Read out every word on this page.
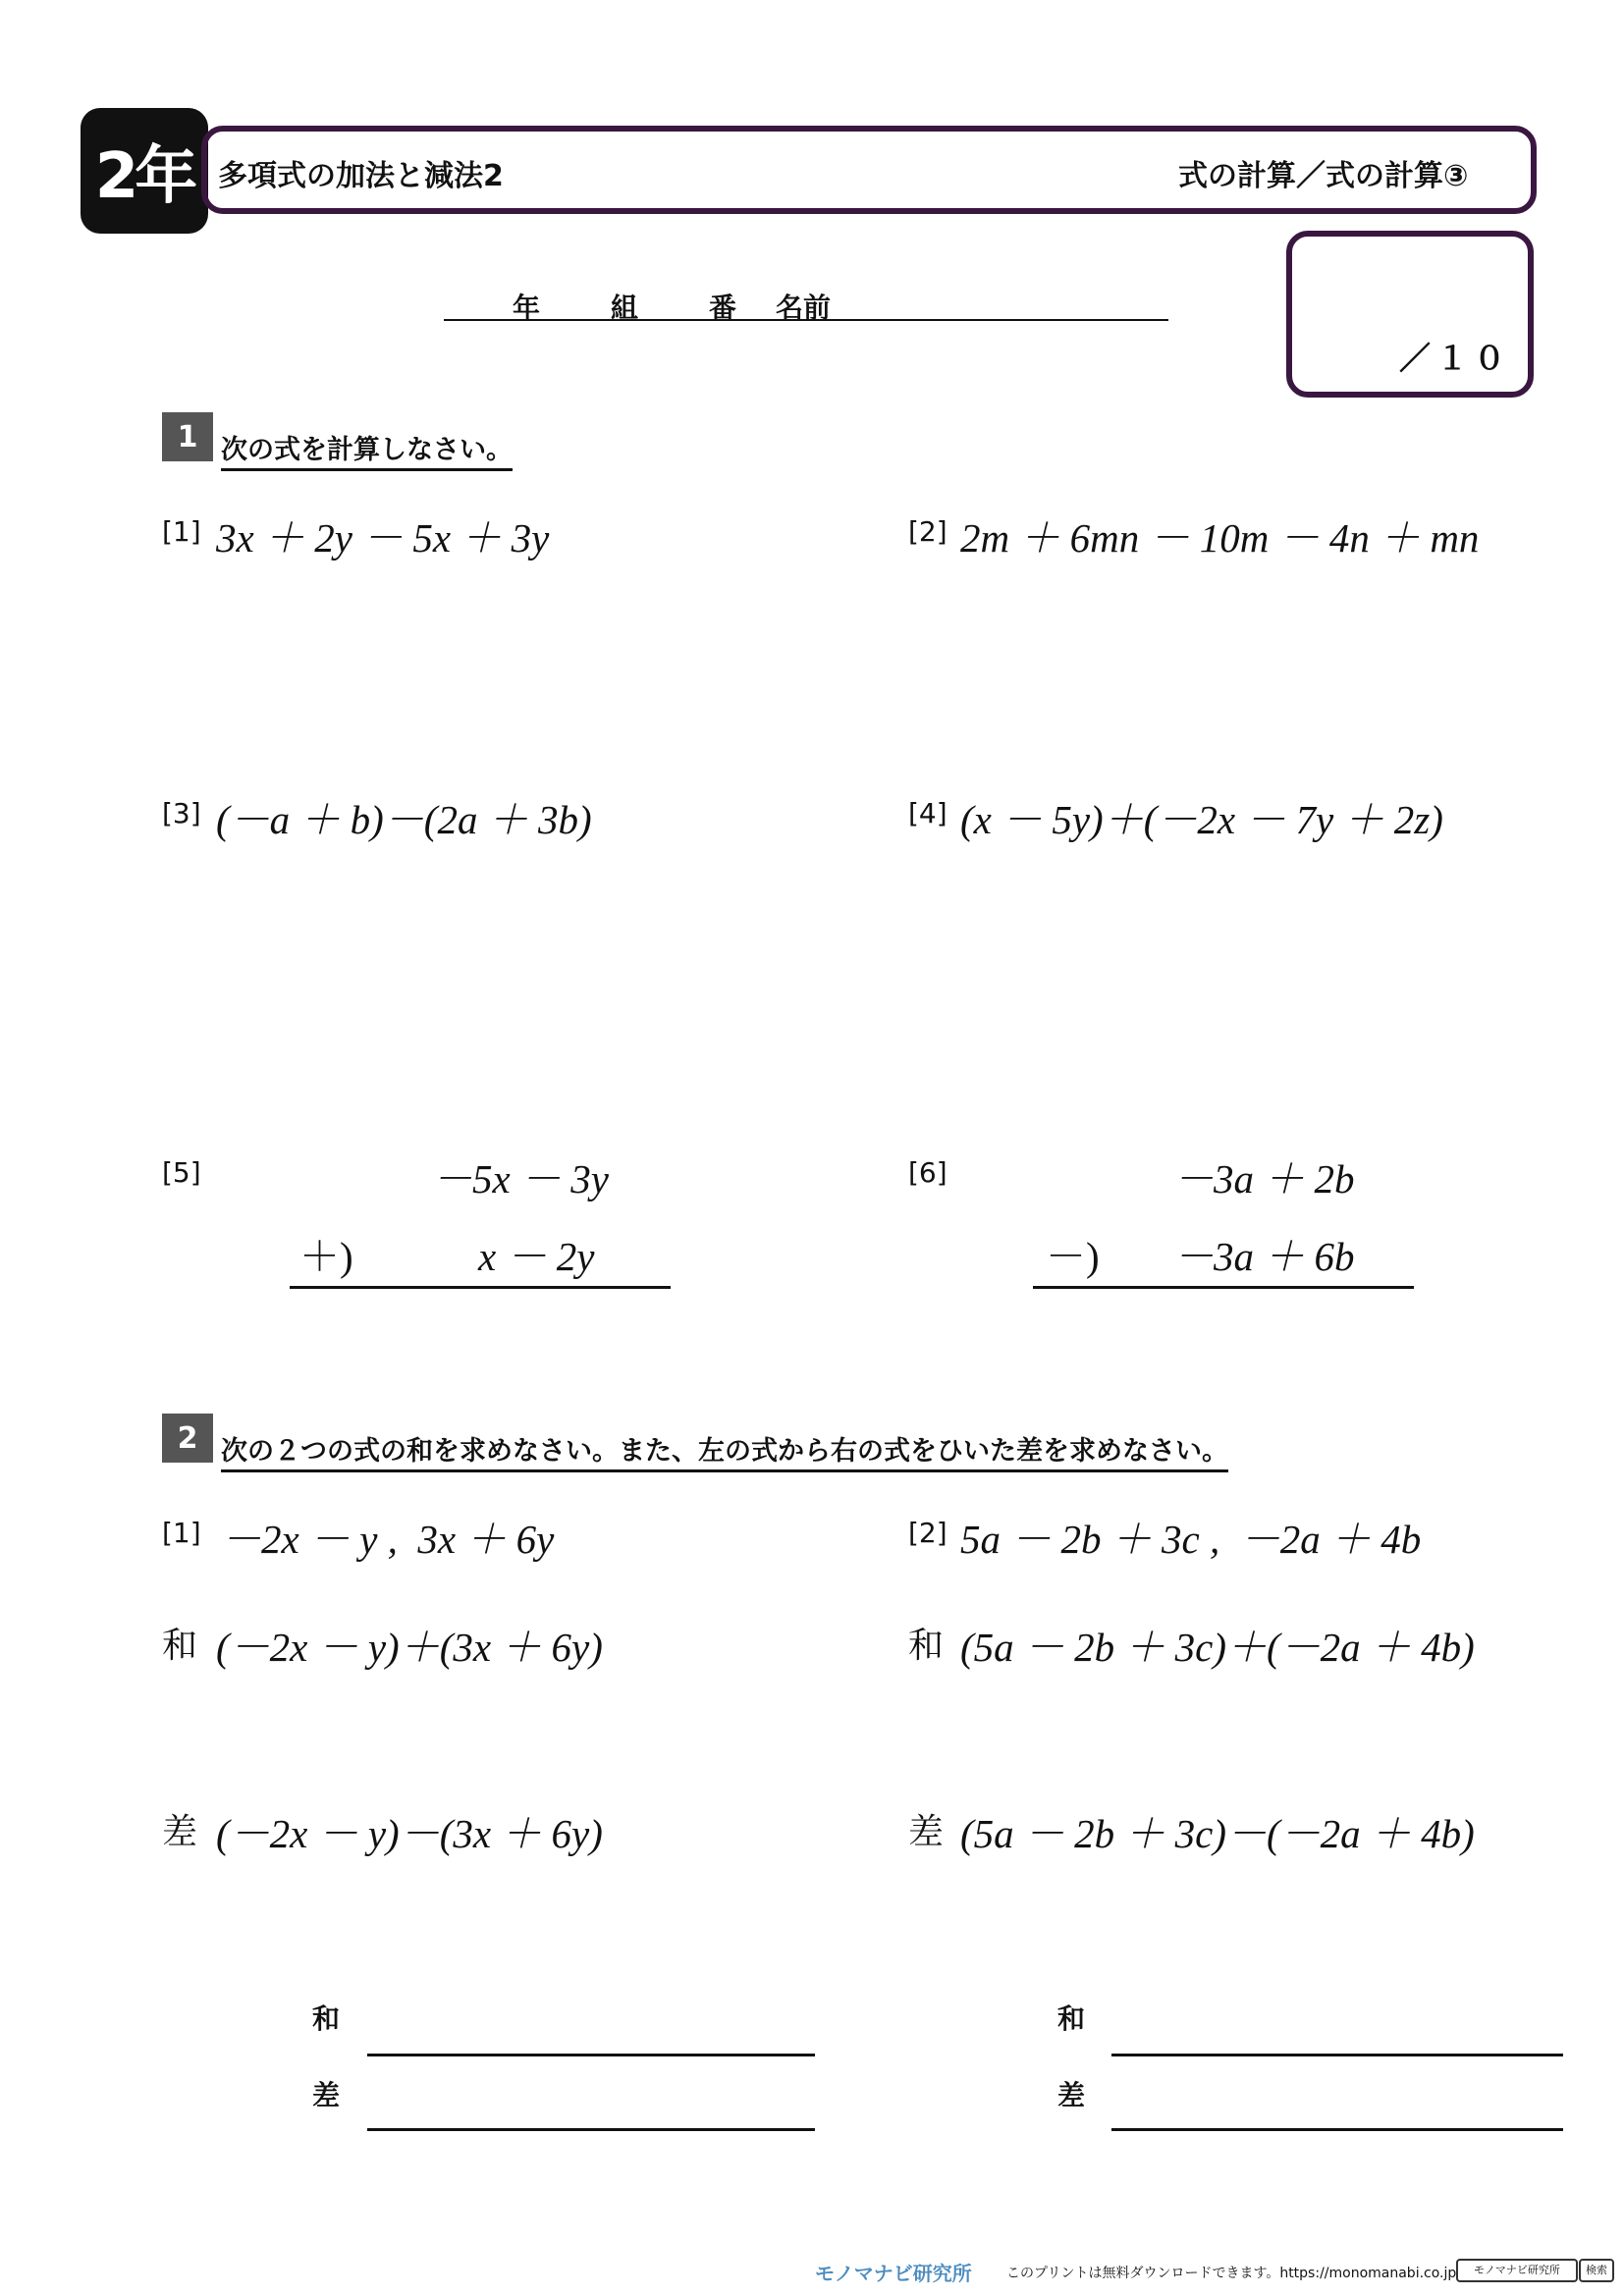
2年 多項式の加法と減法2	式の計算／式の計算③
／１０
年	組	番 名前
1 次の式を計算しなさい。
[1] 3x ＋ 2y － 5x ＋ 3y	[2] 2m ＋ 6mn － 10m － 4n ＋ mn
[3] (－a ＋ b)－(2a ＋ 3b)	[4] (x － 5y)＋(－2x － 7y ＋ 2z)
[5]	－5x － 3y
＋)	x － 2y
[6]	－3a ＋ 2b
－) －3a ＋ 6b
2 次の２つの式の和を求めなさい。また、左の式から右の式をひいた差を求めなさい。
[1] －2x － y ,  3x ＋ 6y
和 (－2x － y)＋(3x ＋ 6y)
差 (－2x － y)－(3x ＋ 6y)
[2] 5a － 2b ＋ 3c ,  －2a ＋ 4b
和 (5a － 2b ＋ 3c)＋(－2a ＋ 4b)
差 (5a － 2b ＋ 3c)－(－2a ＋ 4b)
和
差
和
差
モノマナビ研究所	このプリントは無料ダウンロードできます。https://monomanabi.co.jp	モノマナビ研究所	検索
